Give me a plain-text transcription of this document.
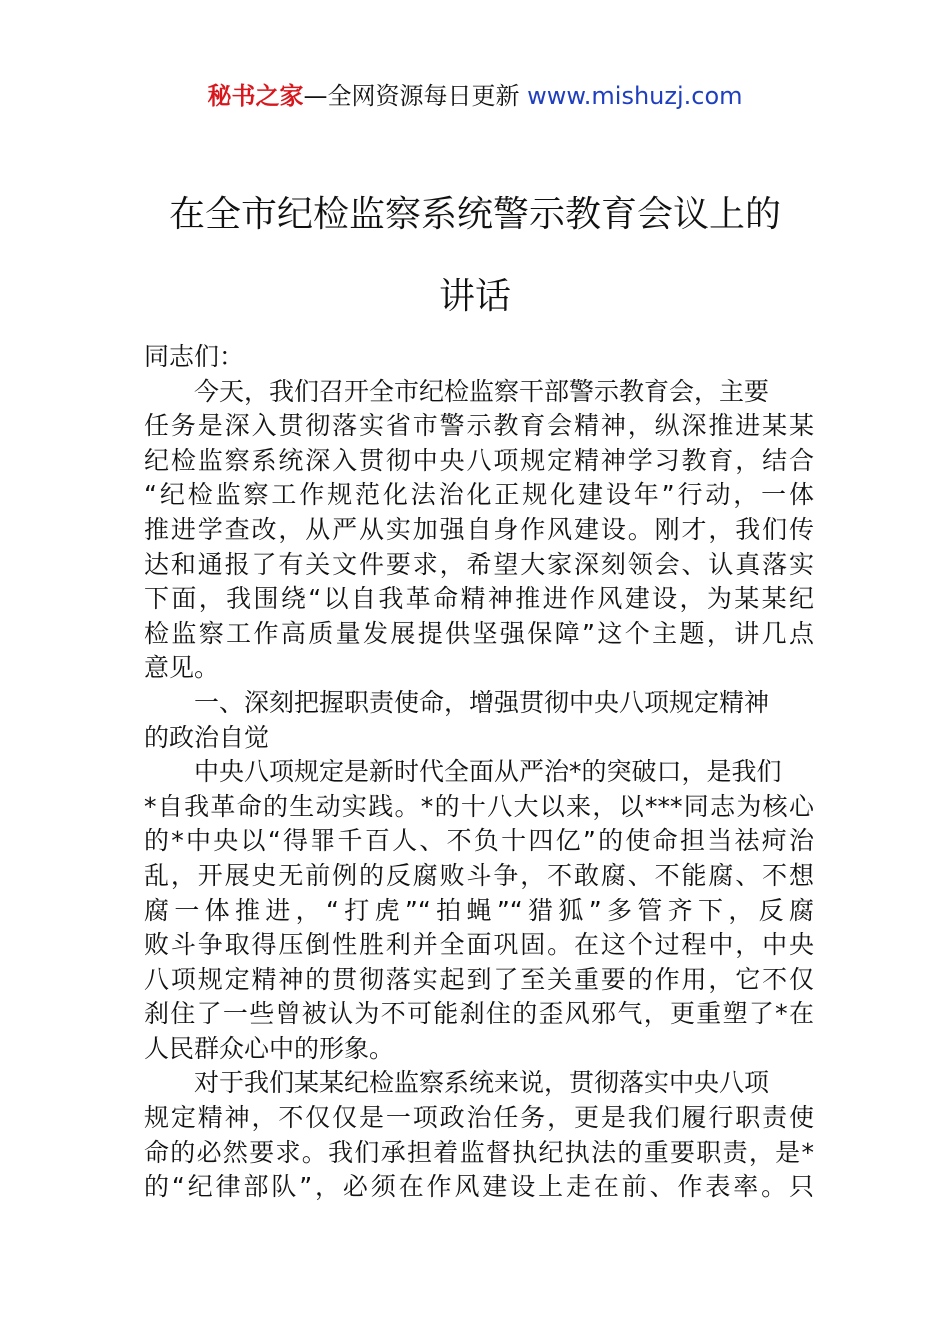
秘书之家—全网资源每日更新 www.mishuzj.com
在全市纪检监察系统警示教育会议上的
讲话
同志们：
　　今天，我们召开全市纪检监察干部警示教育会，主要
任务是深入贯彻落实省市警示教育会精神，纵深推进某某
纪检监察系统深入贯彻中央八项规定精神学习教育，结合
“纪检监察工作规范化法治化正规化建设年”行动，一体
推进学查改，从严从实加强自身作风建设。刚才，我们传
达和通报了有关文件要求，希望大家深刻领会、认真落实
下面，我围绕“以自我革命精神推进作风建设，为某某纪
检监察工作高质量发展提供坚强保障”这个主题，讲几点
意见。
　　一、深刻把握职责使命，增强贯彻中央八项规定精神
的政治自觉
　　中央八项规定是新时代全面从严治*的突破口，是我们
*自我革命的生动实践。*的十八大以来，以***同志为核心
的*中央以“得罪千百人、不负十四亿”的使命担当祛疴治
乱，开展史无前例的反腐败斗争，不敢腐、不能腐、不想
腐一体推进，“打虎”“拍蝇”“猎狐”多管齐下，反腐
败斗争取得压倒性胜利并全面巩固。在这个过程中，中央
八项规定精神的贯彻落实起到了至关重要的作用，它不仅
刹住了一些曾被认为不可能刹住的歪风邪气，更重塑了*在
人民群众心中的形象。
　　对于我们某某纪检监察系统来说，贯彻落实中央八项
规定精神，不仅仅是一项政治任务，更是我们履行职责使
命的必然要求。我们承担着监督执纪执法的重要职责，是*
的“纪律部队”，必须在作风建设上走在前、作表率。只
